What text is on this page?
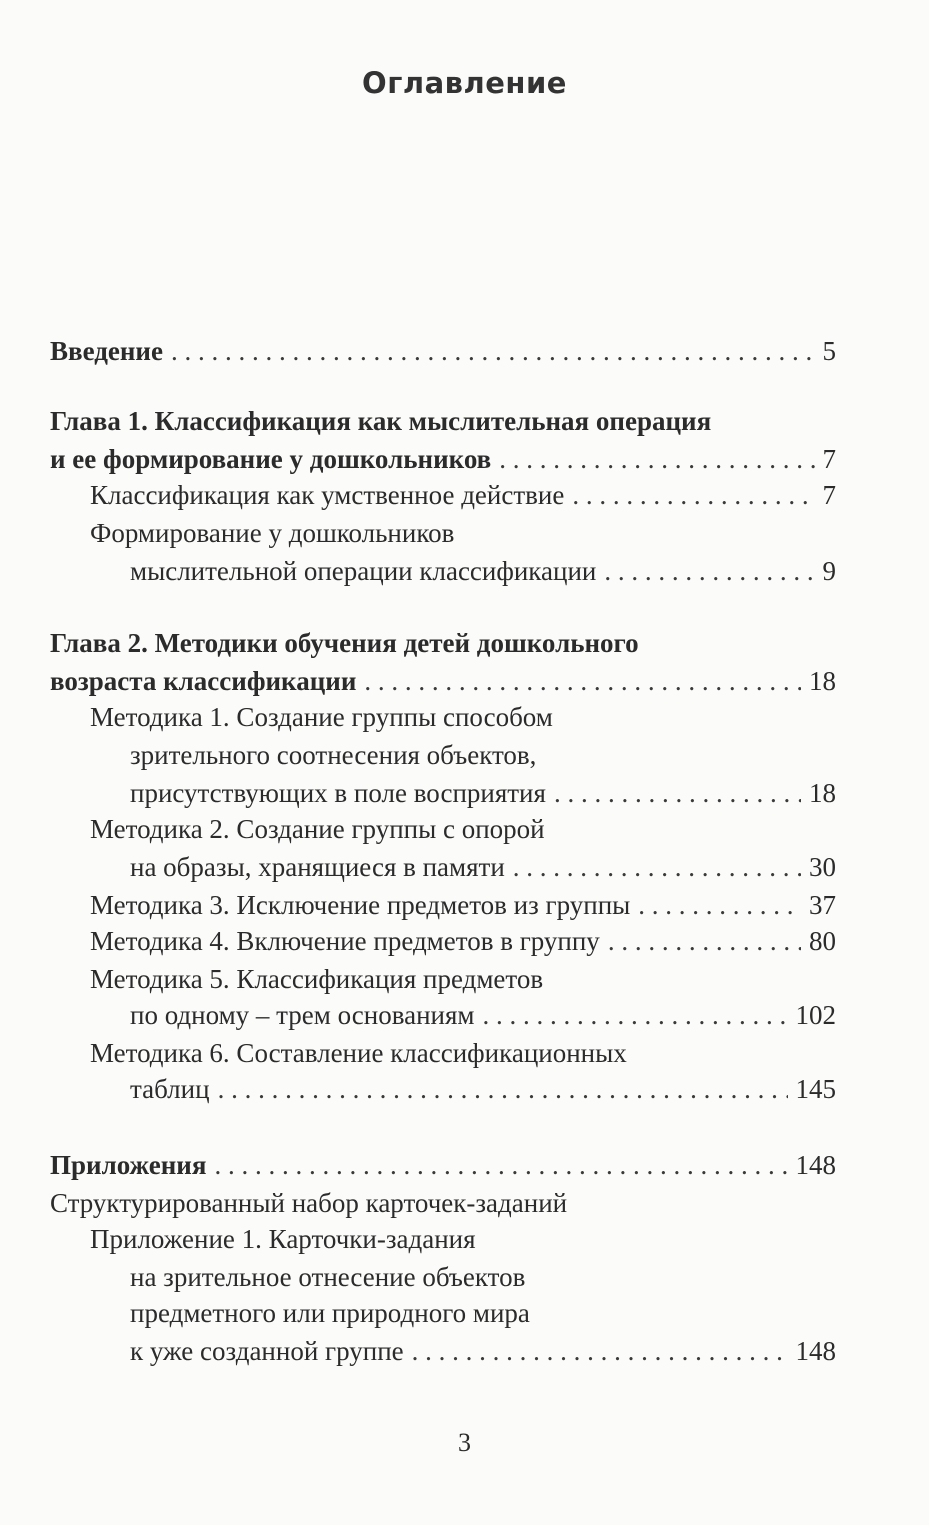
Оглавление
Введение . . .	5
Глава 1. Классификация как мыслительная операция
и ее формирование у дошкольников . . .	7
Классификация как умственное действие . . .	7
Формирование у дошкольников
мыслительной операции классификации . . .	9
Глава 2. Методики обучения детей дошкольного
возраста классификации . . .	18
Методика 1. Создание группы способом
зрительного соотнесения объектов,
присутствующих в поле восприятия . . .	18
Методика 2. Создание группы с опорой
на образы, хранящиеся в памяти . . .	30
Методика 3. Исключение предметов из группы . . .	37
Методика 4. Включение предметов в группу . . .	80
Методика 5. Классификация предметов
по одному – трем основаниям . . .	102
Методика 6. Составление классификационных
таблиц . . .	145
Приложения . . .	148
Структурированный набор карточек-заданий
Приложение 1. Карточки-задания
на зрительное отнесение объектов
предметного или природного мира
к уже созданной группе . . .	148
3
